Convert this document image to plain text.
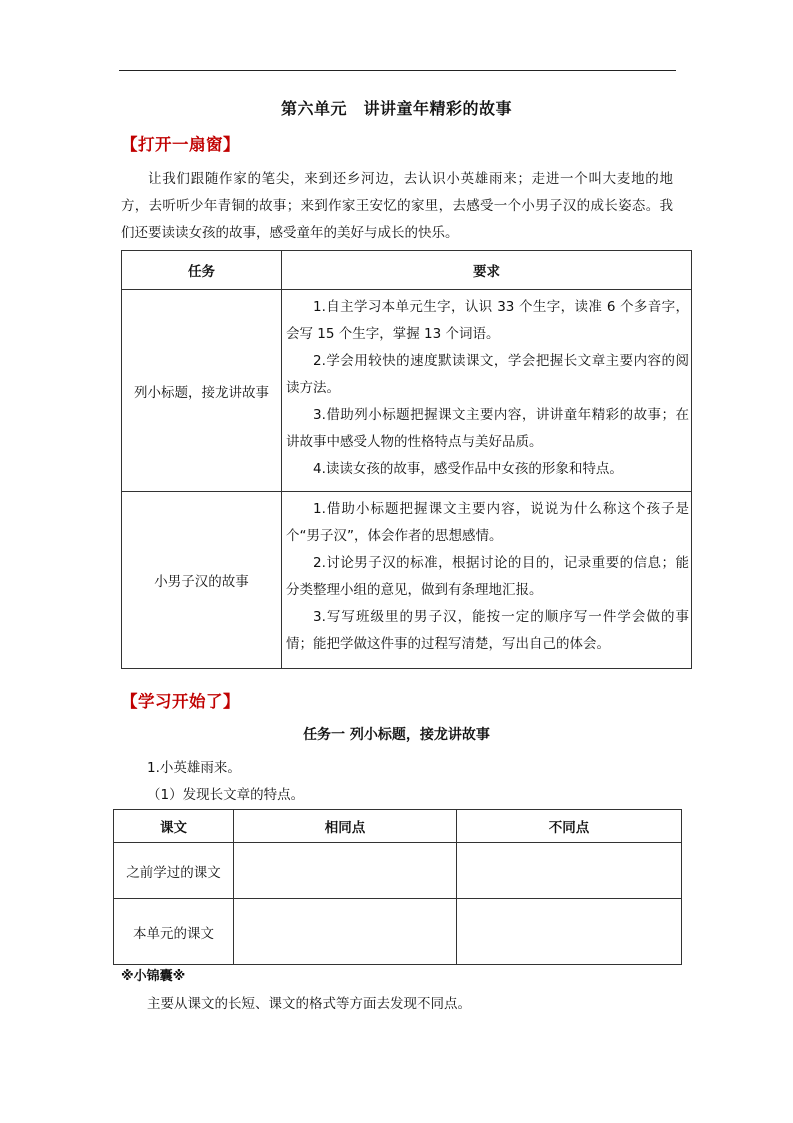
第六单元　讲讲童年精彩的故事
【打开一扇窗】
让我们跟随作家的笔尖，来到还乡河边，去认识小英雄雨来；走进一个叫大麦地的地方，去听听少年青铜的故事；来到作家王安忆的家里，去感受一个小男子汉的成长姿态。我们还要读读女孩的故事，感受童年的美好与成长的快乐。
任务	要求
列小标题，接龙讲故事	1.自主学习本单元生字，认识 33 个生字，读准 6 个多音字，会写 15 个生字，掌握 13 个词语。
2.学会用较快的速度默读课文，学会把握长文章主要内容的阅读方法。
3.借助列小标题把握课文主要内容，讲讲童年精彩的故事；在讲故事中感受人物的性格特点与美好品质。
4.读读女孩的故事，感受作品中女孩的形象和特点。

小男子汉的故事	1.借助小标题把握课文主要内容，说说为什么称这个孩子是个“男子汉”，体会作者的思想感情。
2.讨论男子汉的标准，根据讨论的目的，记录重要的信息；能分类整理小组的意见，做到有条理地汇报。
3.写写班级里的男子汉，能按一定的顺序写一件学会做的事情；能把学做这件事的过程写清楚，写出自己的体会。
【学习开始了】
任务一 列小标题，接龙讲故事
1.小英雄雨来。
（1）发现长文章的特点。
课文	相同点	不同点
之前学过的课文		
本单元的课文		
※小锦囊※
主要从课文的长短、课文的格式等方面去发现不同点。
